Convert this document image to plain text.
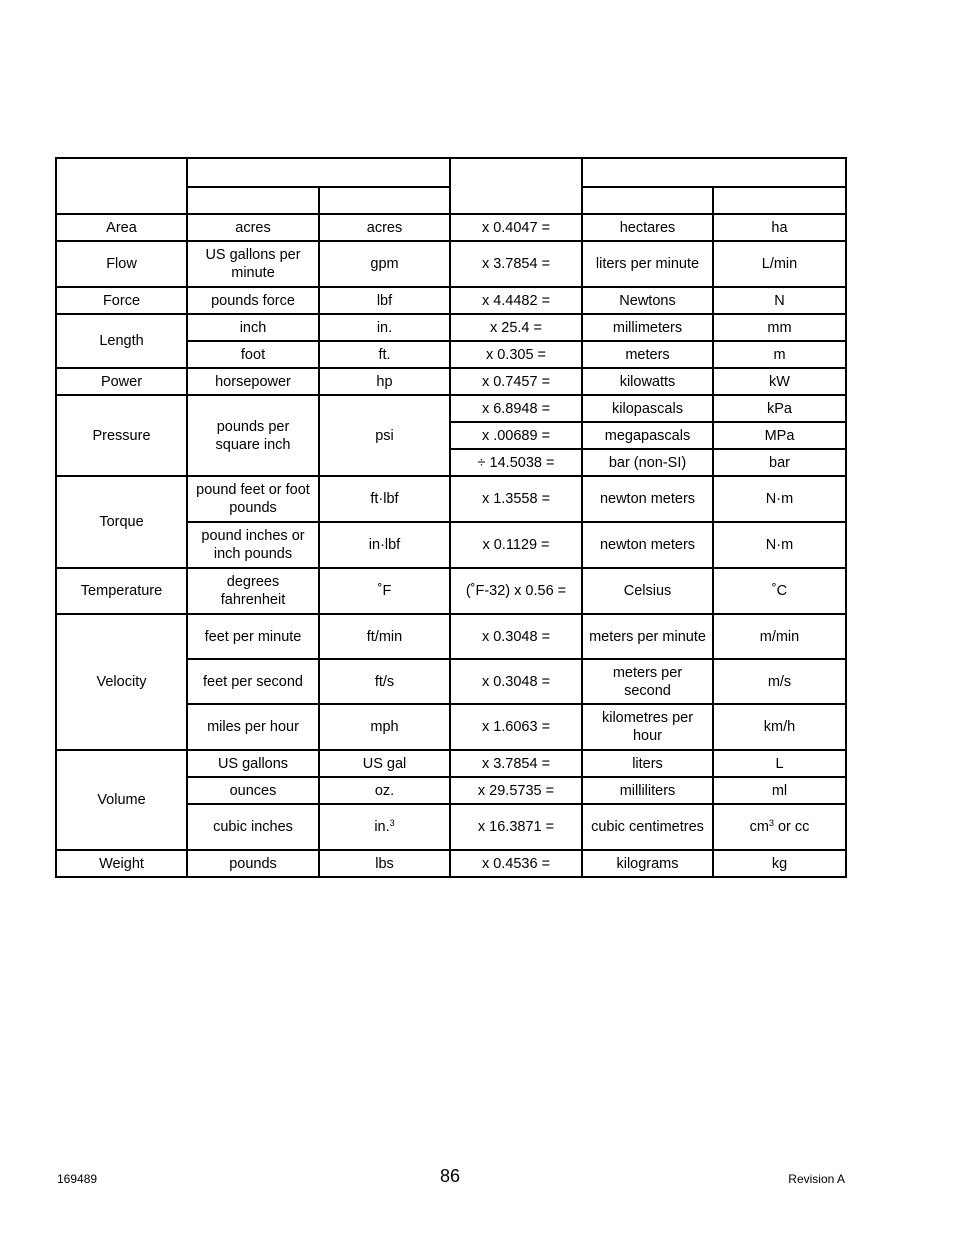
Area	acres	acres	x 0.4047 =	hectares	ha
Flow	US gallons per minute	gpm	x 3.7854 =	liters per minute	L/min
Force	pounds force	lbf	x 4.4482 =	Newtons	N
Length	inch	in.	x 25.4 =	millimeters	mm
	foot	ft.	x 0.305 =	meters	m
Power	horsepower	hp	x 0.7457 =	kilowatts	kW
Pressure	pounds per square inch	psi	x 6.8948 =	kilopascals	kPa
			x .00689 =	megapascals	MPa
			÷ 14.5038 =	bar (non-SI)	bar
Torque	pound feet or foot pounds	ft·lbf	x 1.3558 =	newton meters	N·m
	pound inches or inch pounds	in·lbf	x 0.1129 =	newton meters	N·m
Temperature	degrees fahrenheit	˚F	(˚F-32) x 0.56 =	Celsius	˚C
Velocity	feet per minute	ft/min	x 0.3048 =	meters per minute	m/min
	feet per second	ft/s	x 0.3048 =	meters per second	m/s
	miles per hour	mph	x 1.6063 =	kilometres per hour	km/h
Volume	US gallons	US gal	x 3.7854 =	liters	L
	ounces	oz.	x 29.5735 =	milliliters	ml
	cubic inches	in.$^3$	x 16.3871 =	cubic centimetres	$cm^3$ or cc
Weight	pounds	lbs	x 0.4536 =	kilograms	kg
169489	86	Revision A
